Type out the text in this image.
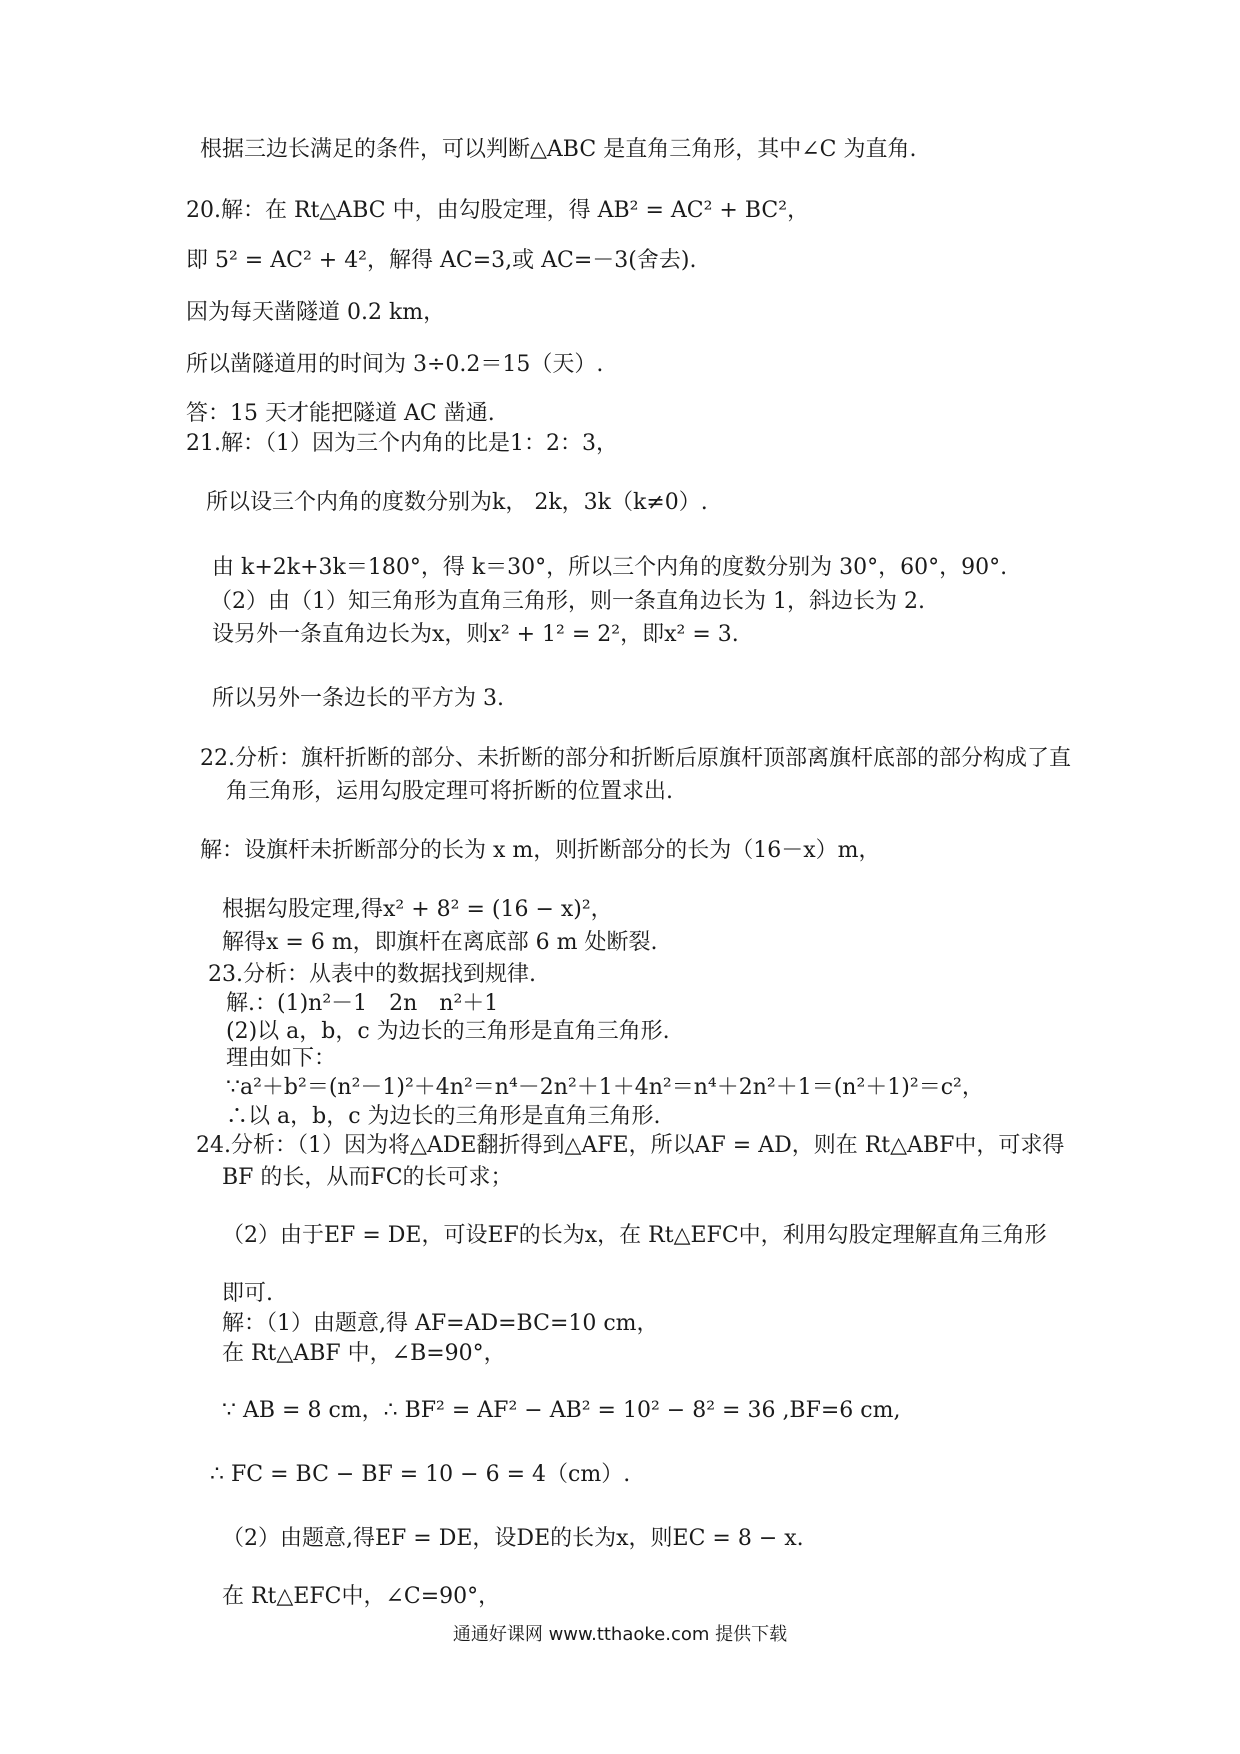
根据三边长满足的条件，可以判断△ABC 是直角三角形，其中∠C 为直角.
20.解：在 Rt△ABC 中，由勾股定理，得 AB² = AC² + BC²，
即 5² = AC² + 4²，解得 AC=3,或 AC=－3(舍去).
因为每天凿隧道 0.2 km，
所以凿隧道用的时间为 3÷0.2＝15（天）.
答：15 天才能把隧道 AC 凿通.
21.解：（1）因为三个内角的比是1：2：3，
所以设三个内角的度数分别为k， 2k，3k（k≠0）.
由 k+2k+3k＝180°，得 k＝30°，所以三个内角的度数分别为 30°，60°，90°.
（2）由（1）知三角形为直角三角形，则一条直角边长为 1，斜边长为 2.
设另外一条直角边长为x，则x² + 1² = 2²，即x² = 3.
所以另外一条边长的平方为 3.
22.分析：旗杆折断的部分、未折断的部分和折断后原旗杆顶部离旗杆底部的部分构成了直
角三角形，运用勾股定理可将折断的位置求出.
解：设旗杆未折断部分的长为 x m，则折断部分的长为（16－x）m，
根据勾股定理,得x² + 8² = (16 − x)²，
解得x = 6 m，即旗杆在离底部 6 m 处断裂.
23.分析：从表中的数据找到规律.
解.：(1)n²－1　2n　n²＋1
(2)以 a，b，c 为边长的三角形是直角三角形.
理由如下：
∵a²＋b²＝(n²－1)²＋4n²＝n⁴－2n²＋1＋4n²＝n⁴＋2n²＋1＝(n²＋1)²＝c²，
∴以 a，b，c 为边长的三角形是直角三角形.
24.分析：（1）因为将△ADE翻折得到△AFE，所以AF = AD，则在 Rt△ABF中，可求得
BF 的长，从而FC的长可求；
（2）由于EF = DE，可设EF的长为x，在 Rt△EFC中，利用勾股定理解直角三角形
即可.
解：（1）由题意,得 AF=AD=BC=10 cm，
在 Rt△ABF 中，∠B=90°，
∵ AB = 8 cm，∴ BF² = AF² − AB² = 10² − 8² = 36 ,BF=6 cm,
∴ FC = BC − BF = 10 − 6 = 4（cm）.
（2）由题意,得EF = DE，设DE的长为x，则EC = 8 − x.
在 Rt△EFC中，∠C=90°，
通通好课网 www.tthaoke.com 提供下载
